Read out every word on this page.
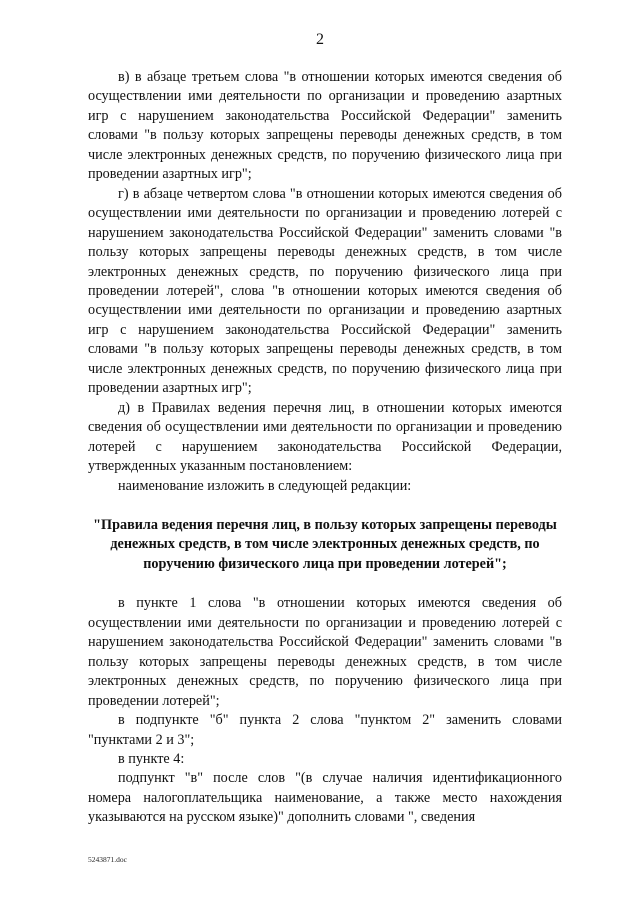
2

в) в абзаце третьем слова "в отношении которых имеются сведения об осуществлении ими деятельности по организации и проведению азартных игр с нарушением законодательства Российской Федерации" заменить словами "в пользу которых запрещены переводы денежных средств, в том числе электронных денежных средств, по поручению физического лица при проведении азартных игр";

г) в абзаце четвертом слова "в отношении которых имеются сведения об осуществлении ими деятельности по организации и проведению лотерей с нарушением законодательства Российской Федерации" заменить словами "в пользу которых запрещены переводы денежных средств, в том числе электронных денежных средств, по поручению физического лица при проведении лотерей", слова "в отношении которых имеются сведения об осуществлении ими деятельности по организации и проведению азартных игр с нарушением законодательства Российской Федерации" заменить словами "в пользу которых запрещены переводы денежных средств, в том числе электронных денежных средств, по поручению физического лица при проведении азартных игр";

д) в Правилах ведения перечня лиц, в отношении которых имеются сведения об осуществлении ими деятельности по организации и проведению лотерей с нарушением законодательства Российской Федерации, утвержденных указанным постановлением:

наименование изложить в следующей редакции:

"Правила ведения перечня лиц, в пользу которых запрещены переводы денежных средств, в том числе электронных денежных средств, по поручению физического лица при проведении лотерей";

в пункте 1 слова "в отношении которых имеются сведения об осуществлении ими деятельности по организации и проведению лотерей с нарушением законодательства Российской Федерации" заменить словами "в пользу которых запрещены переводы денежных средств, в том числе электронных денежных средств, по поручению физического лица при проведении лотерей";

в подпункте "б" пункта 2 слова "пунктом 2" заменить словами "пунктами 2 и 3";

в пункте 4:

подпункт "в" после слов "(в случае наличия идентификационного номера налогоплательщика наименование, а также место нахождения указываются на русском языке)" дополнить словами ", сведения

5243871.doc
